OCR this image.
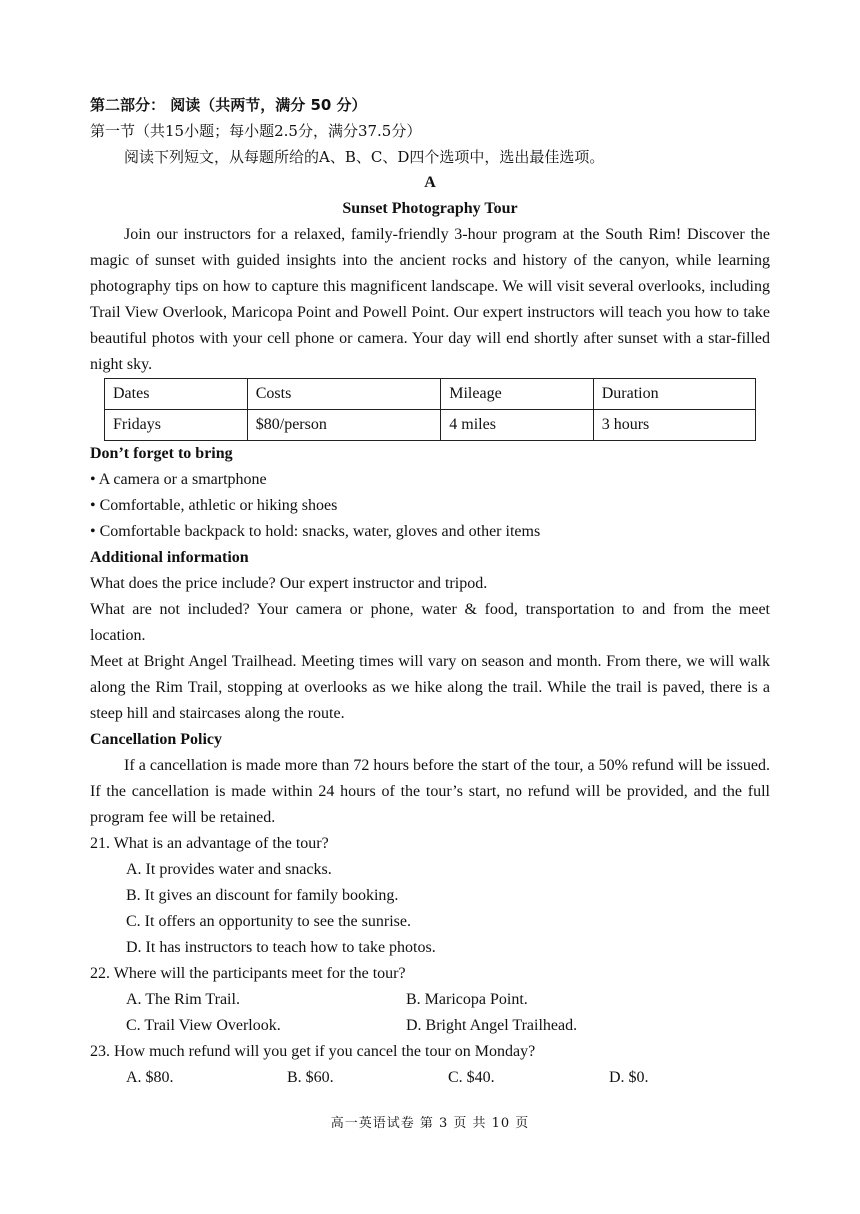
第二部分： 阅读（共两节，满分 50 分）
第一节（共15小题；每小题2.5分，满分37.5分）
阅读下列短文，从每题所给的A、B、C、D四个选项中，选出最佳选项。
A
Sunset Photography Tour
Join our instructors for a relaxed, family-friendly 3-hour program at the South Rim! Discover the magic of sunset with guided insights into the ancient rocks and history of the canyon, while learning photography tips on how to capture this magnificent landscape. We will visit several overlooks, including Trail View Overlook, Maricopa Point and Powell Point. Our expert instructors will teach you how to take beautiful photos with your cell phone or camera. Your day will end shortly after sunset with a star-filled night sky.
Dates	Costs	Mileage	Duration
Fridays	$80/person	4 miles	3 hours
Don’t forget to bring
• A camera or a smartphone
• Comfortable, athletic or hiking shoes
• Comfortable backpack to hold: snacks, water, gloves and other items
Additional information
What does the price include? Our expert instructor and tripod.
What are not included? Your camera or phone, water & food, transportation to and from the meet location.
Meet at Bright Angel Trailhead. Meeting times will vary on season and month. From there, we will walk along the Rim Trail, stopping at overlooks as we hike along the trail. While the trail is paved, there is a steep hill and staircases along the route.
Cancellation Policy
If a cancellation is made more than 72 hours before the start of the tour, a 50% refund will be issued. If the cancellation is made within 24 hours of the tour’s start, no refund will be provided, and the full program fee will be retained.
21. What is an advantage of the tour?
A. It provides water and snacks.
B. It gives an discount for family booking.
C. It offers an opportunity to see the sunrise.
D. It has instructors to teach how to take photos.
22. Where will the participants meet for the tour?
A. The Rim Trail.	B. Maricopa Point.
C. Trail View Overlook.	D. Bright Angel Trailhead.
23. How much refund will you get if you cancel the tour on Monday?
A. $80.	B. $60.	C. $40.	D. $0.
高一英语试卷 第 3 页 共 10 页
